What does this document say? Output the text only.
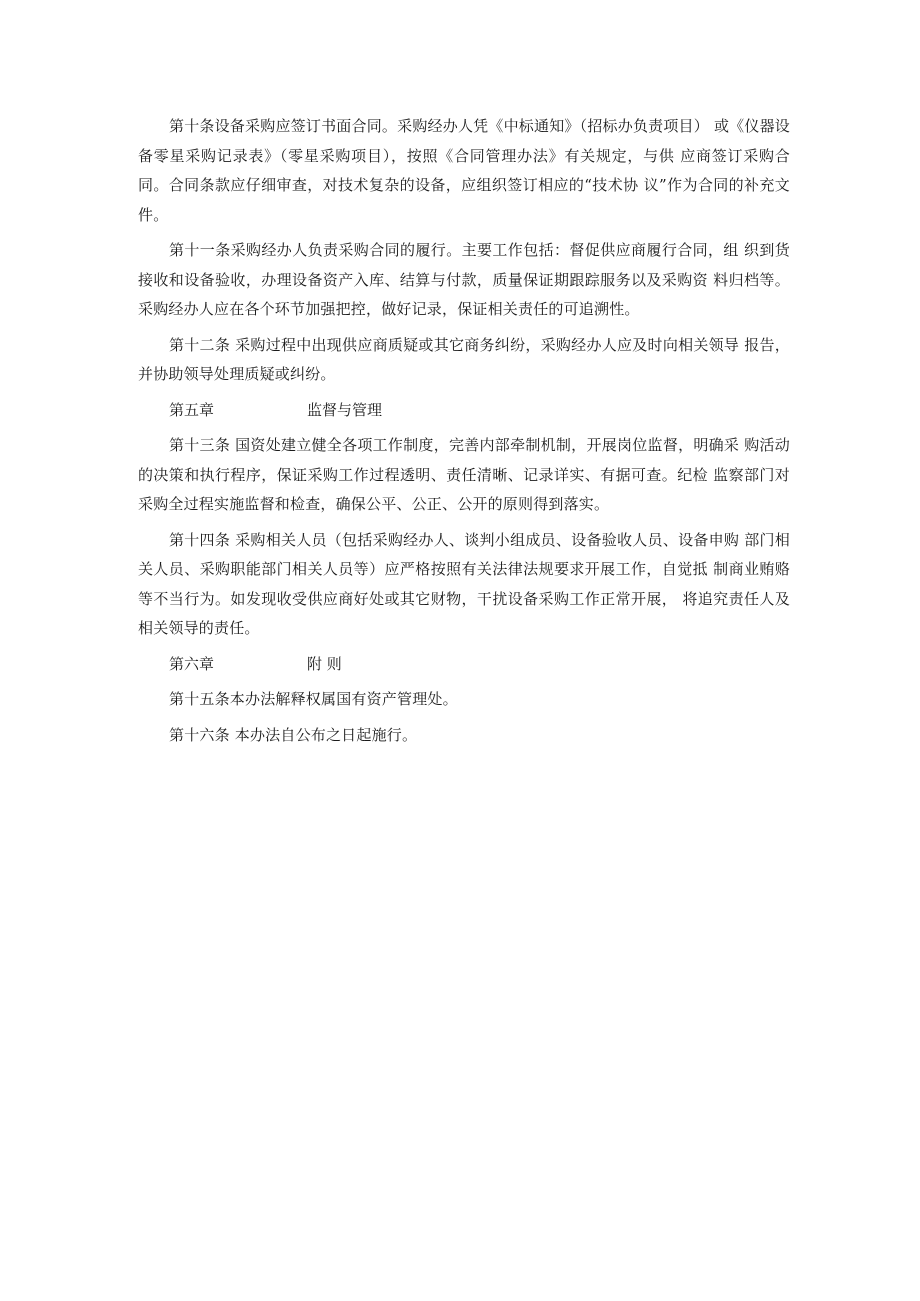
第十条设备采购应签订书面合同。采购经办人凭《中标通知》（招标办负责项目） 或《仪器设备零星采购记录表》（零星采购项目），按照《合同管理办法》有关规定，与供 应商签订采购合同。合同条款应仔细审查，对技术复杂的设备，应组织签订相应的“技术协 议”作为合同的补充文件。

第十一条采购经办人负责采购合同的履行。主要工作包括：督促供应商履行合同，组 织到货接收和设备验收，办理设备资产入库、结算与付款，质量保证期跟踪服务以及采购资 料归档等。采购经办人应在各个环节加强把控，做好记录，保证相关责任的可追溯性。

第十二条 采购过程中出现供应商质疑或其它商务纠纷，采购经办人应及时向相关领导 报告，并协助领导处理质疑或纠纷。

第五章	监督与管理

第十三条 国资处建立健全各项工作制度，完善内部牵制机制，开展岗位监督，明确采 购活动的决策和执行程序，保证采购工作过程透明、责任清晰、记录详实、有据可查。纪检 监察部门对采购全过程实施监督和检查，确保公平、公正、公开的原则得到落实。

第十四条 采购相关人员（包括采购经办人、谈判小组成员、设备验收人员、设备申购 部门相关人员、采购职能部门相关人员等）应严格按照有关法律法规要求开展工作，自觉抵 制商业贿赂等不当行为。如发现收受供应商好处或其它财物，干扰设备采购工作正常开展， 将追究责任人及相关领导的责任。

第六章	附 则

第十五条本办法解释权属国有资产管理处。

第十六条 本办法自公布之日起施行。
